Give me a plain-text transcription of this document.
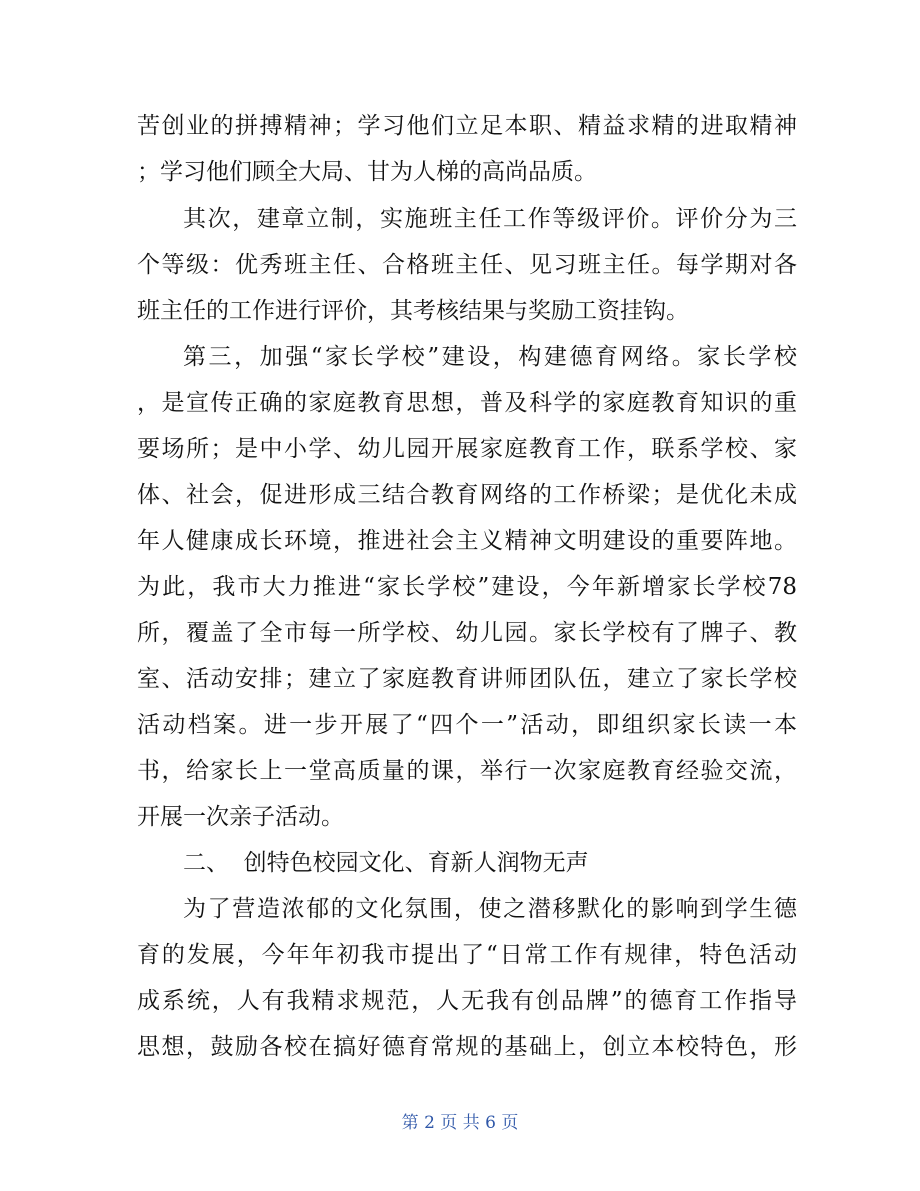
苦创业的拼搏精神；学习他们立足本职、精益求精的进取精神
；学习他们顾全大局、甘为人梯的高尚品质。
其次，建章立制，实施班主任工作等级评价。评价分为三
个等级：优秀班主任、合格班主任、见习班主任。每学期对各
班主任的工作进行评价，其考核结果与奖励工资挂钩。
第三，加强“家长学校”建设，构建德育网络。家长学校
，是宣传正确的家庭教育思想，普及科学的家庭教育知识的重
要场所；是中小学、幼儿园开展家庭教育工作，联系学校、家
体、社会，促进形成三结合教育网络的工作桥梁；是优化未成
年人健康成长环境，推进社会主义精神文明建设的重要阵地。
为此，我市大力推进“家长学校”建设，今年新增家长学校78
所，覆盖了全市每一所学校、幼儿园。家长学校有了牌子、教
室、活动安排；建立了家庭教育讲师团队伍，建立了家长学校
活动档案。进一步开展了“四个一”活动，即组织家长读一本
书，给家长上一堂高质量的课，举行一次家庭教育经验交流，
开展一次亲子活动。
二、  创特色校园文化、育新人润物无声
为了营造浓郁的文化氛围，使之潜移默化的影响到学生德
育的发展，今年年初我市提出了“日常工作有规律，特色活动
成系统，人有我精求规范，人无我有创品牌”的德育工作指导
思想，鼓励各校在搞好德育常规的基础上，创立本校特色，形
第 2 页 共 6 页
